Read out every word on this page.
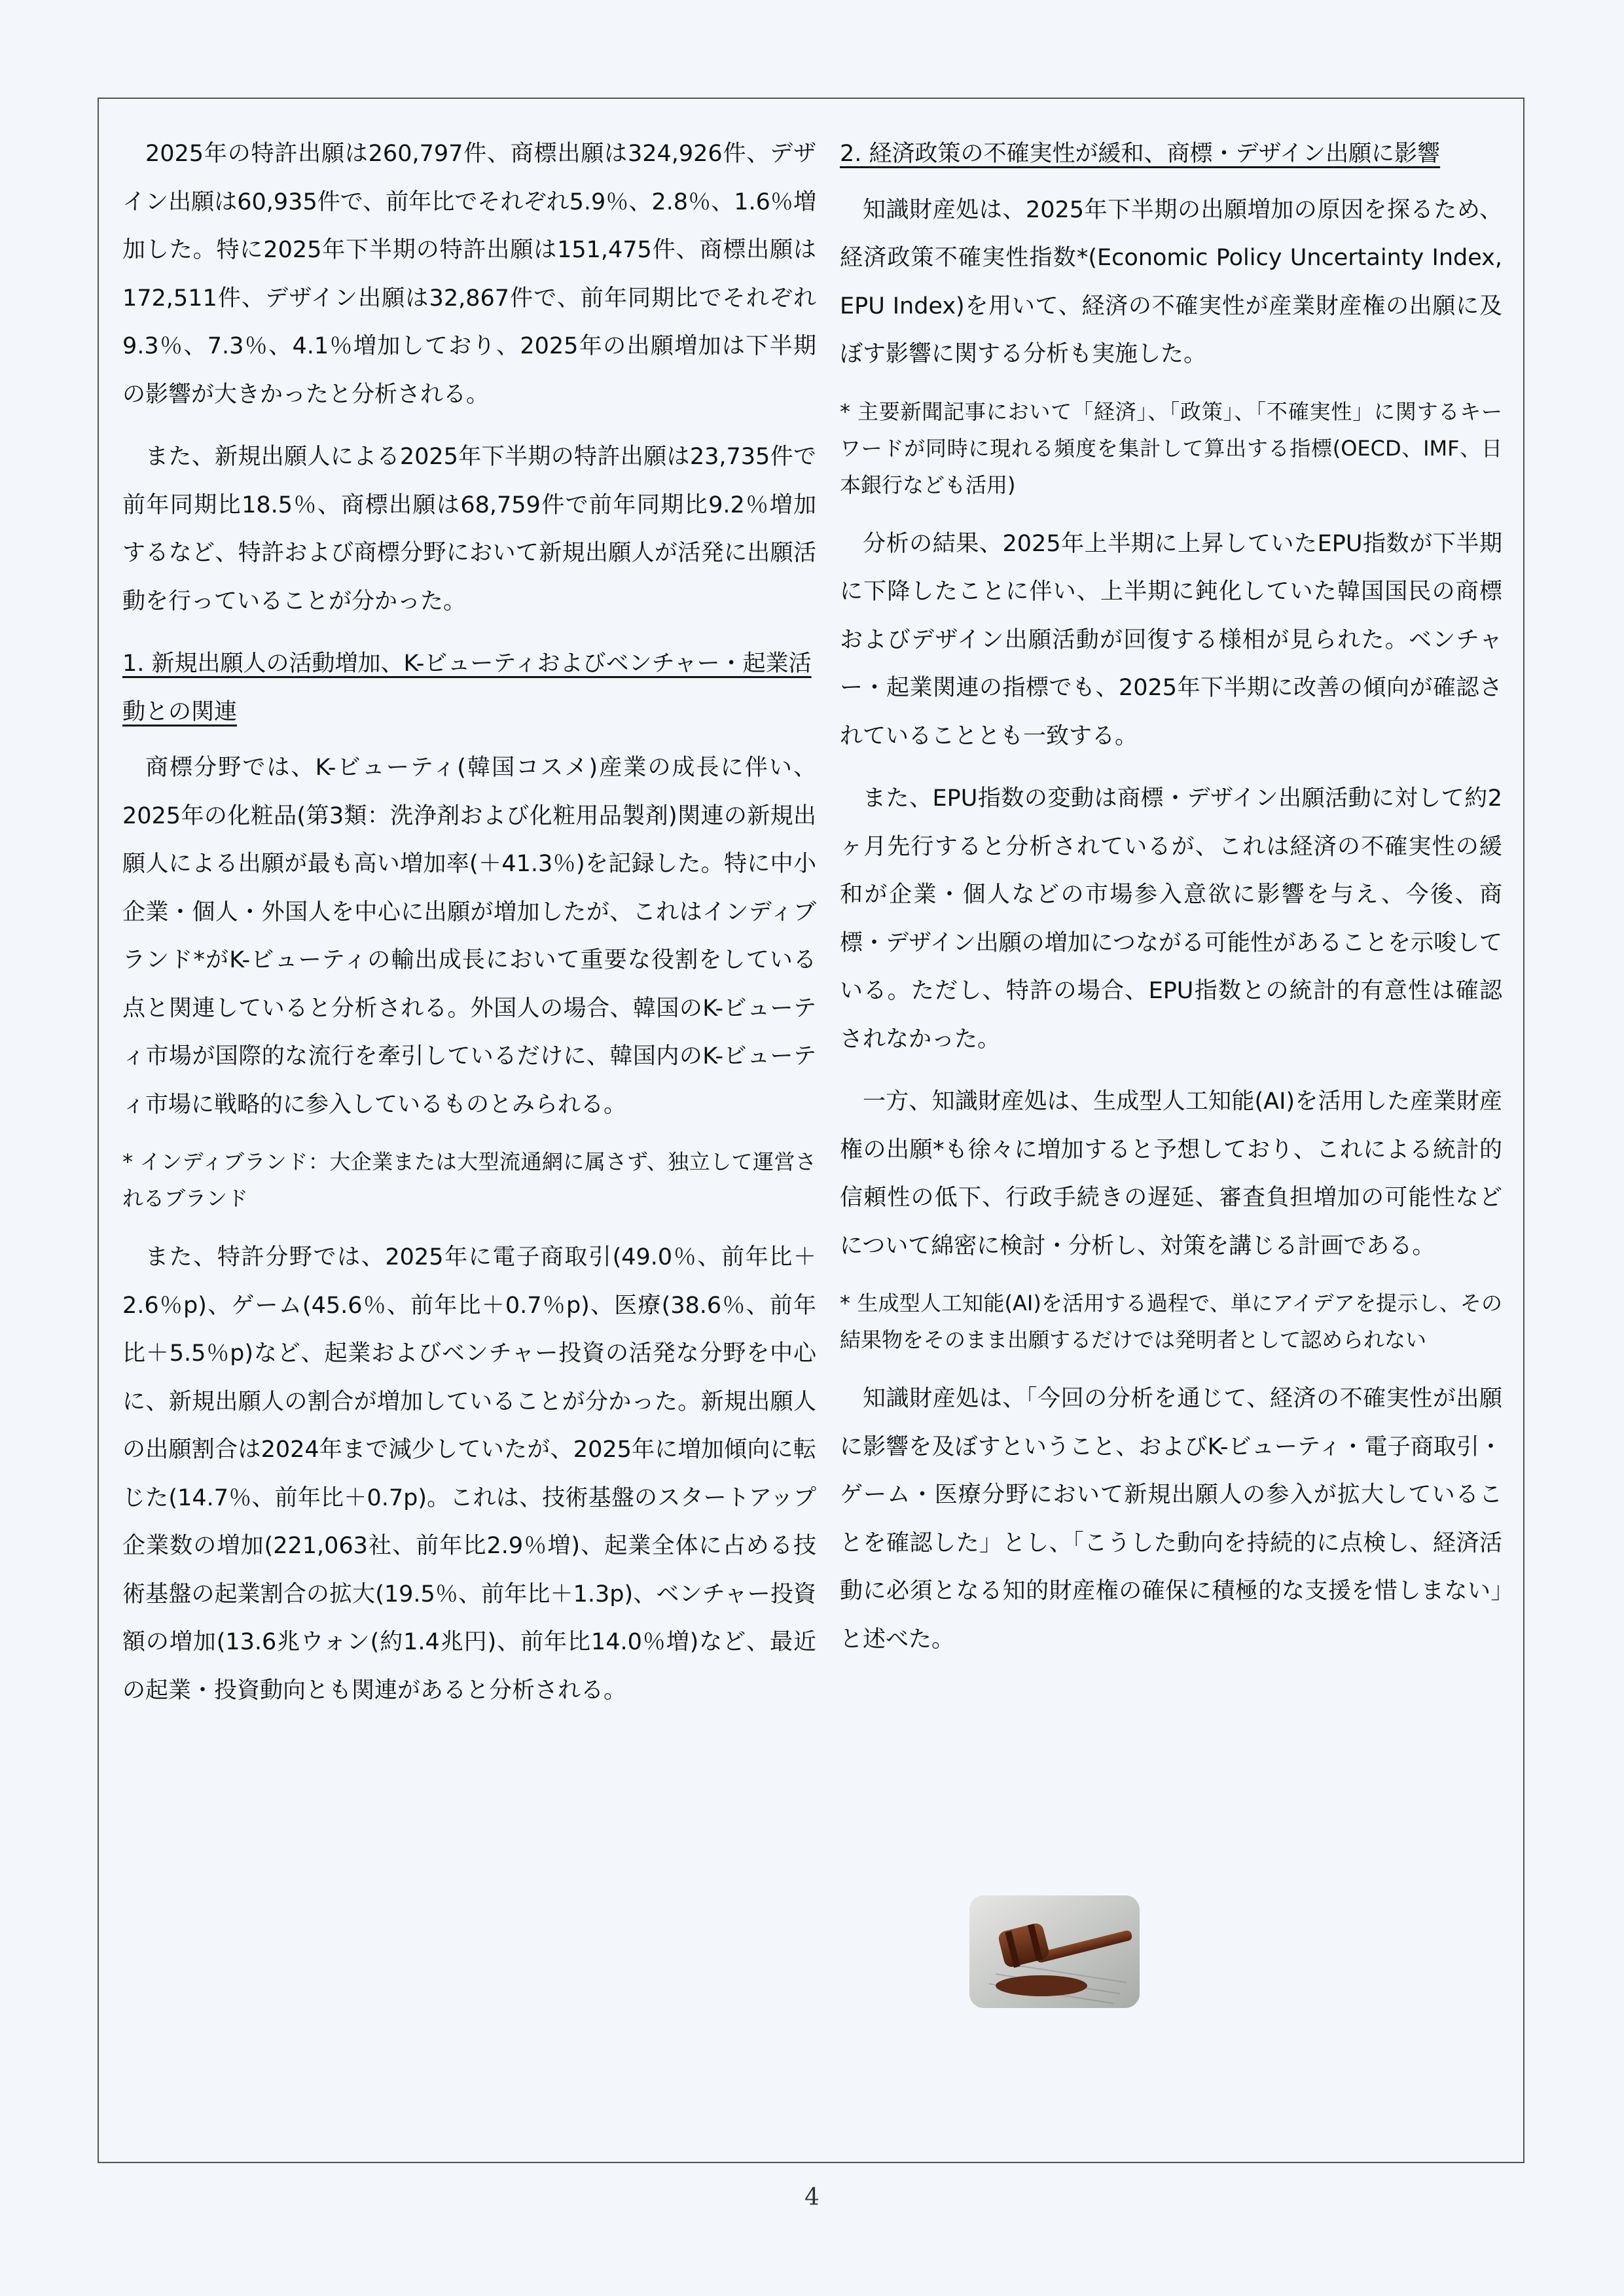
2025年の特許出願は260,797件、商標出願は324,926件、デザイン出願は60,935件で、前年比でそれぞれ5.9％、2.8％、1.6％増加した。特に2025年下半期の特許出願は151,475件、商標出願は172,511件、デザイン出願は32,867件で、前年同期比でそれぞれ9.3％、7.3％、4.1％増加しており、2025年の出願増加は下半期の影響が大きかったと分析される。

また、新規出願人による2025年下半期の特許出願は23,735件で前年同期比18.5％、商標出願は68,759件で前年同期比9.2％増加するなど、特許および商標分野において新規出願人が活発に出願活動を行っていることが分かった。

1. 新規出願人の活動増加、K-ビューティおよびベンチャー・起業活動との関連

商標分野では、K-ビューティ(韓国コスメ)産業の成長に伴い、2025年の化粧品(第3類：洗浄剤および化粧用品製剤)関連の新規出願人による出願が最も高い増加率(＋41.3％)を記録した。特に中小企業・個人・外国人を中心に出願が増加したが、これはインディブランド*がK-ビューティの輸出成長において重要な役割をしている点と関連していると分析される。外国人の場合、韓国のK-ビューティ市場が国際的な流行を牽引しているだけに、韓国内のK-ビューティ市場に戦略的に参入しているものとみられる。

* インディブランド：大企業または大型流通網に属さず、独立して運営されるブランド

また、特許分野では、2025年に電子商取引(49.0％、前年比＋2.6％p)、ゲーム(45.6％、前年比＋0.7％p)、医療(38.6％、前年比＋5.5％p)など、起業およびベンチャー投資の活発な分野を中心に、新規出願人の割合が増加していることが分かった。新規出願人の出願割合は2024年まで減少していたが、2025年に増加傾向に転じた(14.7％、前年比＋0.7p)。これは、技術基盤のスタートアップ企業数の増加(221,063社、前年比2.9％増)、起業全体に占める技術基盤の起業割合の拡大(19.5％、前年比＋1.3p)、ベンチャー投資額の増加(13.6兆ウォン(約1.4兆円)、前年比14.0％増)など、最近の起業・投資動向とも関連があると分析される。

2. 経済政策の不確実性が緩和、商標・デザイン出願に影響

知識財産処は、2025年下半期の出願増加の原因を探るため、経済政策不確実性指数*(Economic Policy Uncertainty Index, EPU Index)を用いて、経済の不確実性が産業財産権の出願に及ぼす影響に関する分析も実施した。

* 主要新聞記事において「経済」、「政策」、「不確実性」に関するキーワードが同時に現れる頻度を集計して算出する指標(OECD、IMF、日本銀行なども活用)

分析の結果、2025年上半期に上昇していたEPU指数が下半期に下降したことに伴い、上半期に鈍化していた韓国国民の商標およびデザイン出願活動が回復する様相が見られた。ベンチャー・起業関連の指標でも、2025年下半期に改善の傾向が確認されていることとも一致する。

また、EPU指数の変動は商標・デザイン出願活動に対して約2ヶ月先行すると分析されているが、これは経済の不確実性の緩和が企業・個人などの市場参入意欲に影響を与え、今後、商標・デザイン出願の増加につながる可能性があることを示唆している。ただし、特許の場合、EPU指数との統計的有意性は確認されなかった。

一方、知識財産処は、生成型人工知能(AI)を活用した産業財産権の出願*も徐々に増加すると予想しており、これによる統計的信頼性の低下、行政手続きの遅延、審査負担増加の可能性などについて綿密に検討・分析し、対策を講じる計画である。

* 生成型人工知能(AI)を活用する過程で、単にアイデアを提示し、その結果物をそのまま出願するだけでは発明者として認められない

知識財産処は、「今回の分析を通じて、経済の不確実性が出願に影響を及ぼすということ、およびK-ビューティ・電子商取引・ゲーム・医療分野において新規出願人の参入が拡大していることを確認した」とし、「こうした動向を持続的に点検し、経済活動に必須となる知的財産権の確保に積極的な支援を惜しまない」と述べた。

4
